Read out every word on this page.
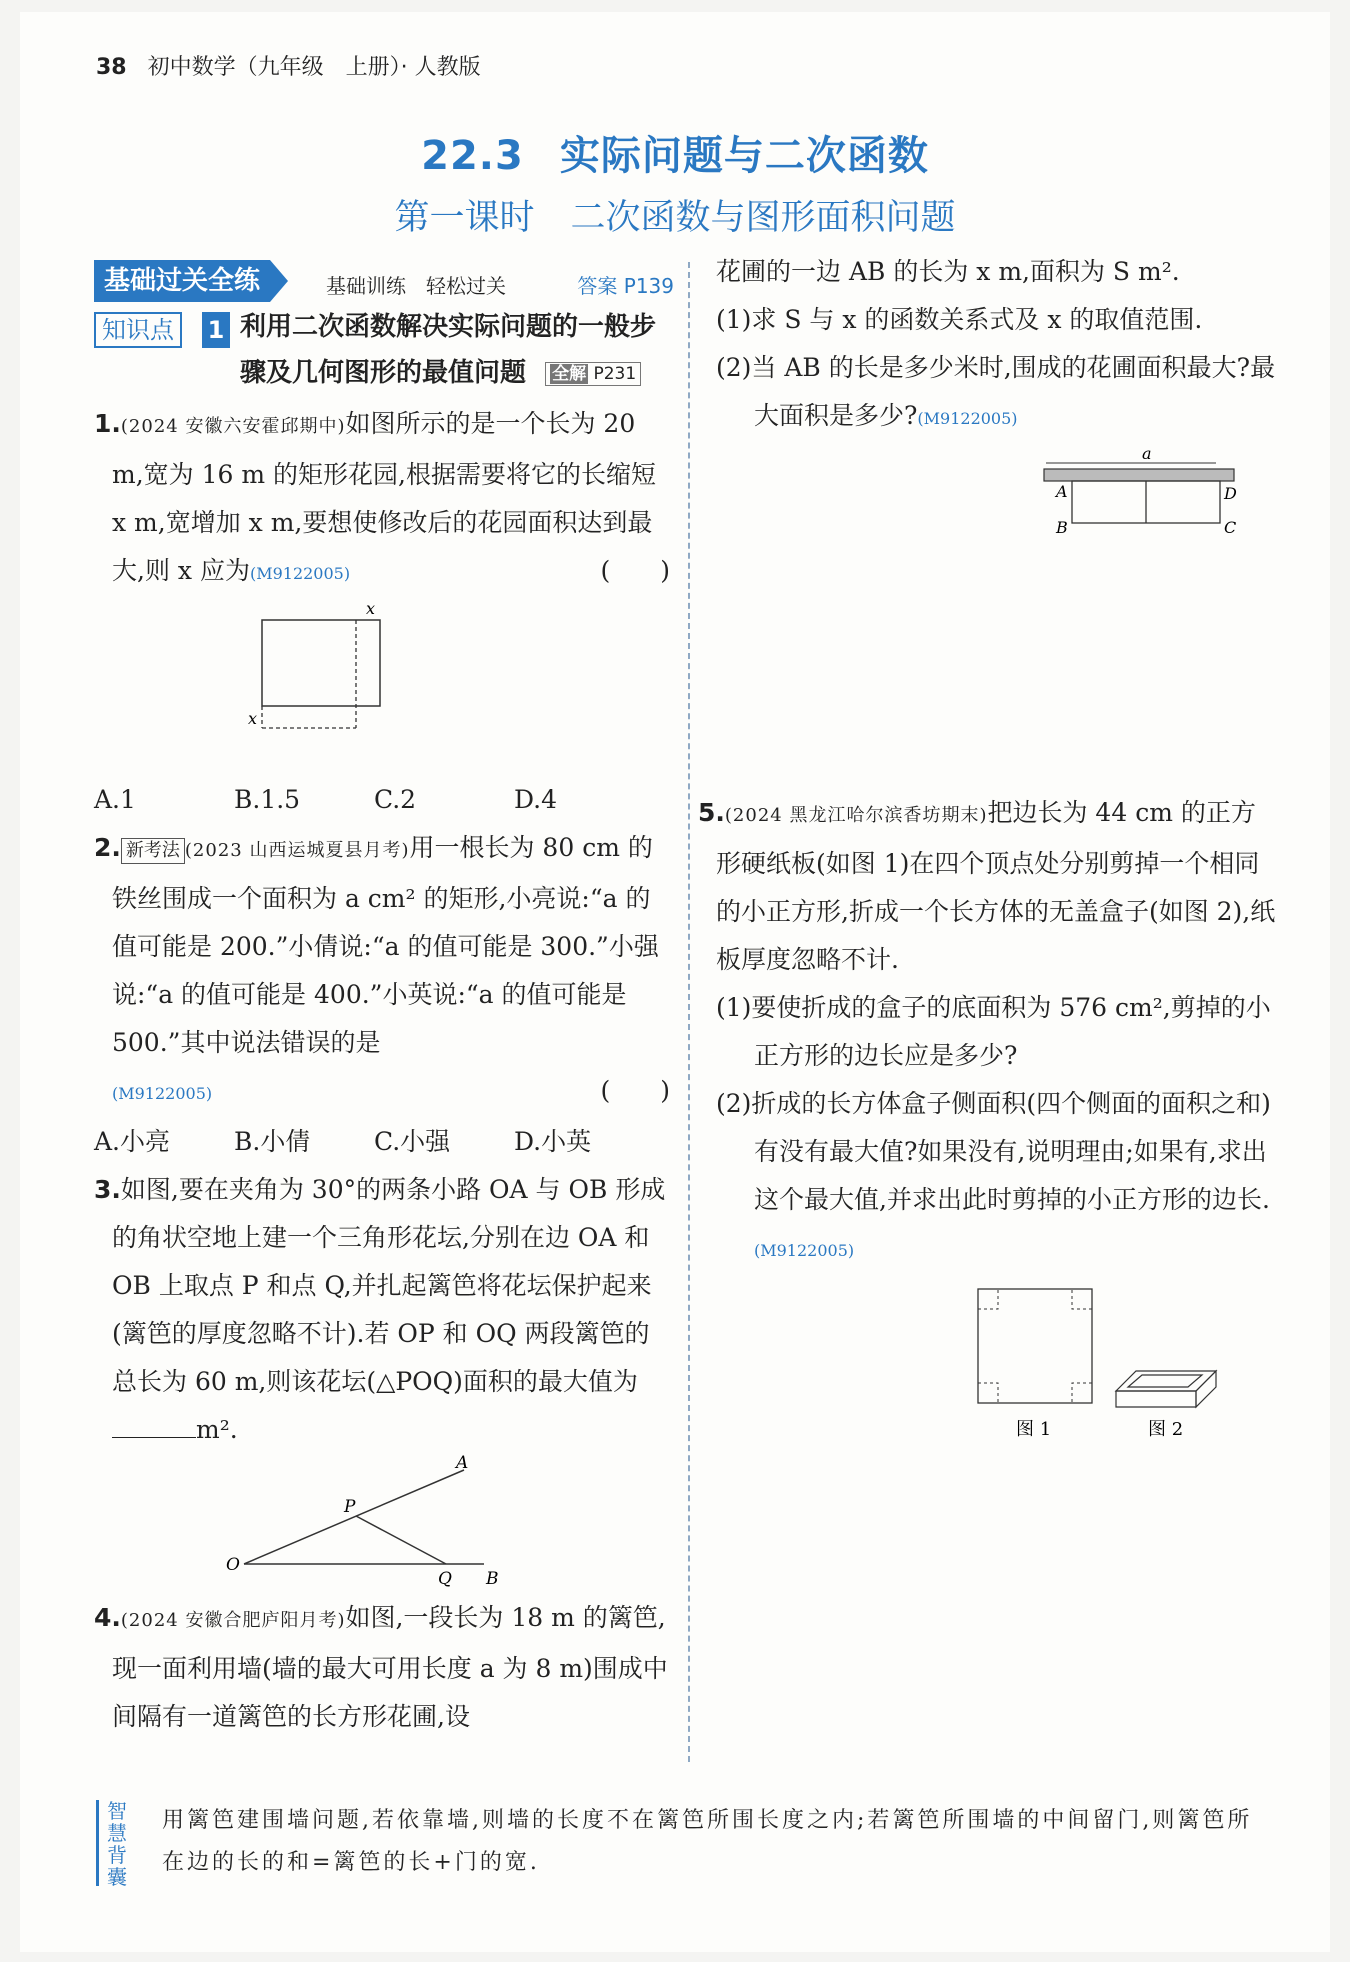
38 初中数学（九年级　上册）· 人教版
22.3 实际问题与二次函数
第一课时 二次函数与图形面积问题
基础过关全练	基础训练　轻松过关	答案 P139
知识点	1 利用二次函数解决实际问题的一般步骤及几何图形的最值问题 全解 P231
1.(2024 安徽六安霍邱期中)如图所示的是一个长为 20 m,宽为 16 m 的矩形花园,根据需要将它的长缩短 x m,宽增加 x m,要想使修改后的花园面积达到最大,则 x 应为(M9122005)	(　　)
x
x
A.1	B.1.5	C.2	D.4
2. 新考法 (2023 山西运城夏县月考)用一根长为 80 cm 的铁丝围成一个面积为 a cm² 的矩形,小亮说:“a 的值可能是 200.”小倩说:“a 的值可能是 300.”小强说:“a 的值可能是 400.”小英说:“a 的值可能是 500.”其中说法错误的是
(M9122005)	(　　)
A.小亮	B.小倩	C.小强	D.小英
3.如图,要在夹角为 30°的两条小路 OA 与 OB 形成的角状空地上建一个三角形花坛,分别在边 OA 和 OB 上取点 P 和点 Q,并扎起篱笆将花坛保护起来(篱笆的厚度忽略不计).若 OP 和 OQ 两段篱笆的总长为 60 m,则该花坛(△POQ)面积的最大值为m².
A
P
O
Q B
4.(2024 安徽合肥庐阳月考)如图,一段长为 18 m 的篱笆,现一面利用墙(墙的最大可用长度 a 为 8 m)围成中间隔有一道篱笆的长方形花圃,设
花圃的一边 AB 的长为 x m,面积为 S m².
(1)求 S 与 x 的函数关系式及 x 的取值范围.
(2)当 AB 的长是多少米时,围成的花圃面积最大?最大面积是多少?(M9122005)
a
A
B	C
D
5.(2024 黑龙江哈尔滨香坊期末)把边长为 44 cm 的正方形硬纸板(如图 1)在四个顶点处分别剪掉一个相同的小正方形,折成一个长方体的无盖盒子(如图 2),纸板厚度忽略不计.
(1)要使折成的盒子的底面积为 576 cm²,剪掉的小正方形的边长应是多少?
(2)折成的长方体盒子侧面积(四个侧面的面积之和)有没有最大值?如果没有,说明理由;如果有,求出这个最大值,并求出此时剪掉的小正方形的边长.(M9122005)
图 1	图 2
智慧背囊
用篱笆建围墙问题,若依靠墙,则墙的长度不在篱笆所围长度之内;若篱笆所围墙的中间留门,则篱笆所在边的长的和=篱笆的长+门的宽.
